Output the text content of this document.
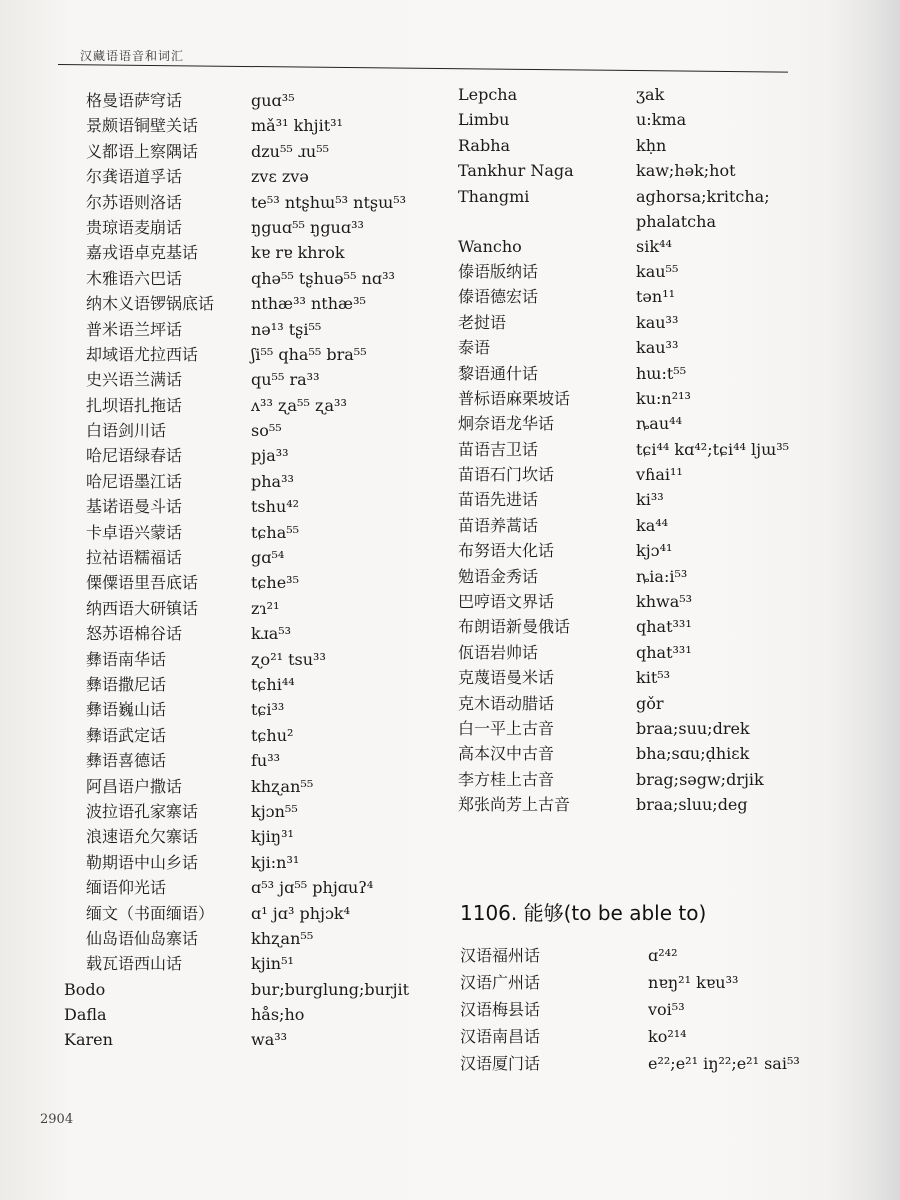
汉藏语语音和词汇
格曼语萨穹话	guɑ³⁵
景颇语铜壁关话	mǎ³¹ khjit³¹
义都语上察隅话	dzu⁵⁵ ɹu⁵⁵
尔龚语道孚话	zvɛ zvə
尔苏语则洛话	te⁵³ ntʂhɯ⁵³ ntʂɯ⁵³
贵琼语麦崩话	ŋguɑ⁵⁵ ŋguɑ³³
嘉戎语卓克基话	kɐ rɐ khrok
木雅语六巴话	qhə⁵⁵ tʂhuə⁵⁵ nɑ³³
纳木义语锣锅底话 nthæ³³ nthæ³⁵
普米语兰坪话	nə¹³ tʂi⁵⁵
却域语尤拉西话	ʃi⁵⁵ qha⁵⁵ bra⁵⁵
史兴语兰满话	qu⁵⁵ ra³³
扎坝语扎拖话	ʌ³³ ʐa⁵⁵ ʐa³³
白语剑川话	so⁵⁵
哈尼语绿春话	pja³³
哈尼语墨江话	pha³³
基诺语曼斗话	tshu⁴²
卡卓语兴蒙话	tɕha⁵⁵
拉祜语糯福话	gɑ⁵⁴
傈僳语里吾底话	tɕhe³⁵
纳西语大研镇话	zɿ²¹
怒苏语棉谷话	kɹa⁵³
彝语南华话	ʐo²¹ tsu³³
彝语撒尼话	tɕhi⁴⁴
彝语巍山话	tɕi³³
彝语武定话	tɕhu²
彝语喜德话	fu³³
阿昌语户撒话	khʐan⁵⁵
波拉语孔家寨话	kjɔn⁵⁵
浪速语允欠寨话	kjiŋ³¹
勒期语中山乡话	kji:n³¹
缅语仰光话	ɑ⁵³ jɑ⁵⁵ phjɑuʔ⁴
缅文（书面缅语） ɑ¹ jɑ³ phjɔk⁴
仙岛语仙岛寨话	khʐan⁵⁵
载瓦语西山话	kjin⁵¹
Bodo	bur;burglung;burjit
Dafla	hås;ho
Karen	wa³³
Lepcha	ʒak
Limbu	u:kma
Rabha	kḥn
Tankhur Naga	kaw;hək;hot
Thangmi	aghorsa;kritcha; phalatcha
Wancho	sik⁴⁴
傣语版纳话	kau⁵⁵
傣语德宏话	tən¹¹
老挝语	kau³³
泰语	kau³³
黎语通什话	hɯ:t⁵⁵
普标语麻栗坡话	ku:n²¹³
炯奈语龙华话	ȵau⁴⁴
苗语吉卫话	tɕi⁴⁴ kɑ⁴²;tɕi⁴⁴ ljɯ³⁵
苗语石门坎话	vɦai¹¹
苗语先进话	ki³³
苗语养蒿话	ka⁴⁴
布努语大化话	kjɔ⁴¹
勉语金秀话	ȵia:i⁵³
巴哼语文界话	khwa⁵³
布朗语新曼俄话	qhat³³¹
佤语岩帅话	qhat³³¹
克蔑语曼米话	kit⁵³
克木语动腊话	gǒr
白一平上古音	braa;suu;drek
高本汉中古音	bha;sɑu;ḍhiɛk
李方桂上古音	brag;səgw;drjik
郑张尚芳上古音	braa;sluu;deg
1106. 能够(to be able to)
汉语福州话	ɑ²⁴²
汉语广州话	nɐŋ²¹ kɐu³³
汉语梅县话	voi⁵³
汉语南昌话	ko²¹⁴
汉语厦门话	e²²;e²¹ iŋ²²;e²¹ sai⁵³
2904
